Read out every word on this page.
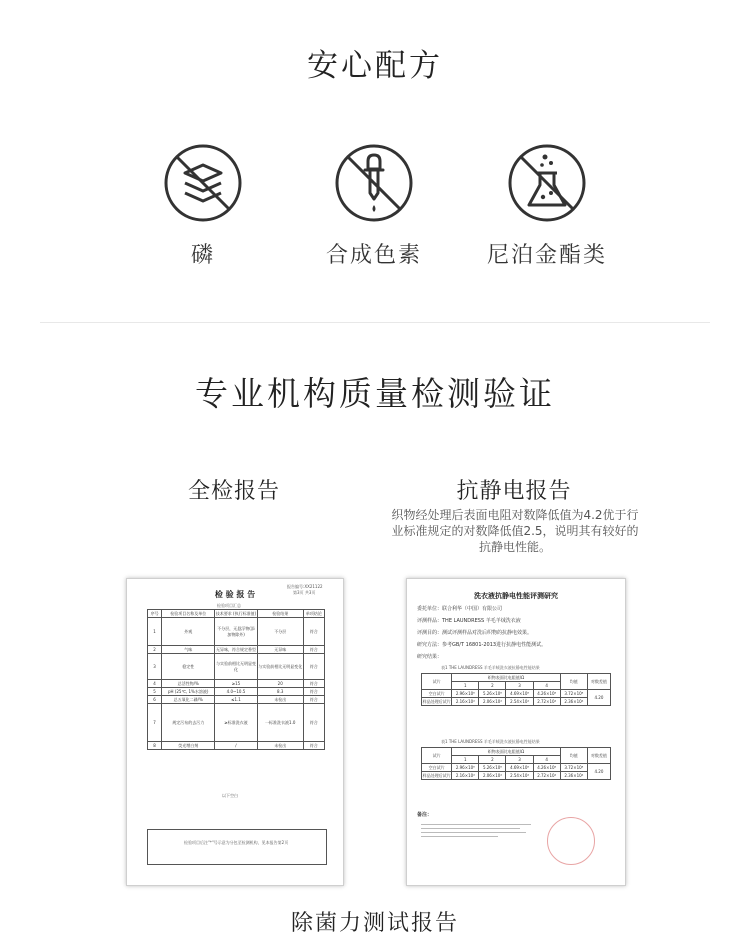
安心配方
磷	合成色素	尼泊金酯类
专业机构质量检测验证
全检报告	抗静电报告
织物经处理后表面电阻对数降低值为4.2优于行业标准规定的对数降低值2.5，说明其有较好的抗静电性能。
报告编号:XX21122
第3页 共3页
检 验 报 告
检验项目汇总
序号	检验项目名称及单位	技术要求 (执行标准值)	检验结果	单项结论
1	外观	不分层，无悬浮物(添加物除外)	不分层	符合
2	气味	无异味，符合规定香型	无异味	符合
3	稳定性	与实验前相比无明显变化	与实验前相比无明显变化	符合
4	总活性物/%	≥15	20	符合
5	pH (25℃, 1%水溶液)	4.0~10.5	8.3	符合
6	总五氧化二磷/%	≤1.1	未检出	符合
7	规定污布的去污力	≥标准洗衣液	一标准洗衣液1.0	符合
8	荧光增白剂	/	未检出	符合
以下空白
检验项目后注"*"号示意为分包至检测机构，见本报告第2页
洗衣液抗静电性能评测研究
委托单位：联合利华（中国）有限公司
评测样品：THE LAUNDRESS 羊毛羊绒洗衣液
评测目的：测试评测样品对洗后织物的抗静电效果。
研究方法：参考GB/T 16801-2013进行抗静电性能测试。
研究结果：
表1 THE LAUNDRESS 羊毛羊绒洗衣液抗静电性能结果
试片	织物表面比电阻值/Ω				均值	对数差值
	1	2	3	4		
空白试片	2.96×10⁸	5.26×10⁸	4.69×10⁸	4.26×10⁸	3.72×10⁸	4.20
样品处理后试片	2.16×10⁴	2.06×10⁴	2.54×10⁴	2.72×10⁴	2.36×10⁴	
表1 THE LAUNDRESS 羊毛羊绒洗衣液抗静电性能结果
试片	织物表面比电阻值/Ω				均值	对数差值
	1	2	3	4		
空白试片	2.96×10⁸	5.26×10⁸	4.69×10⁸	4.26×10⁸	3.72×10⁸	4.20
样品处理后试片	2.16×10⁴	2.06×10⁴	2.54×10⁴	2.72×10⁴	2.36×10⁴	
备注：
除菌力测试报告
